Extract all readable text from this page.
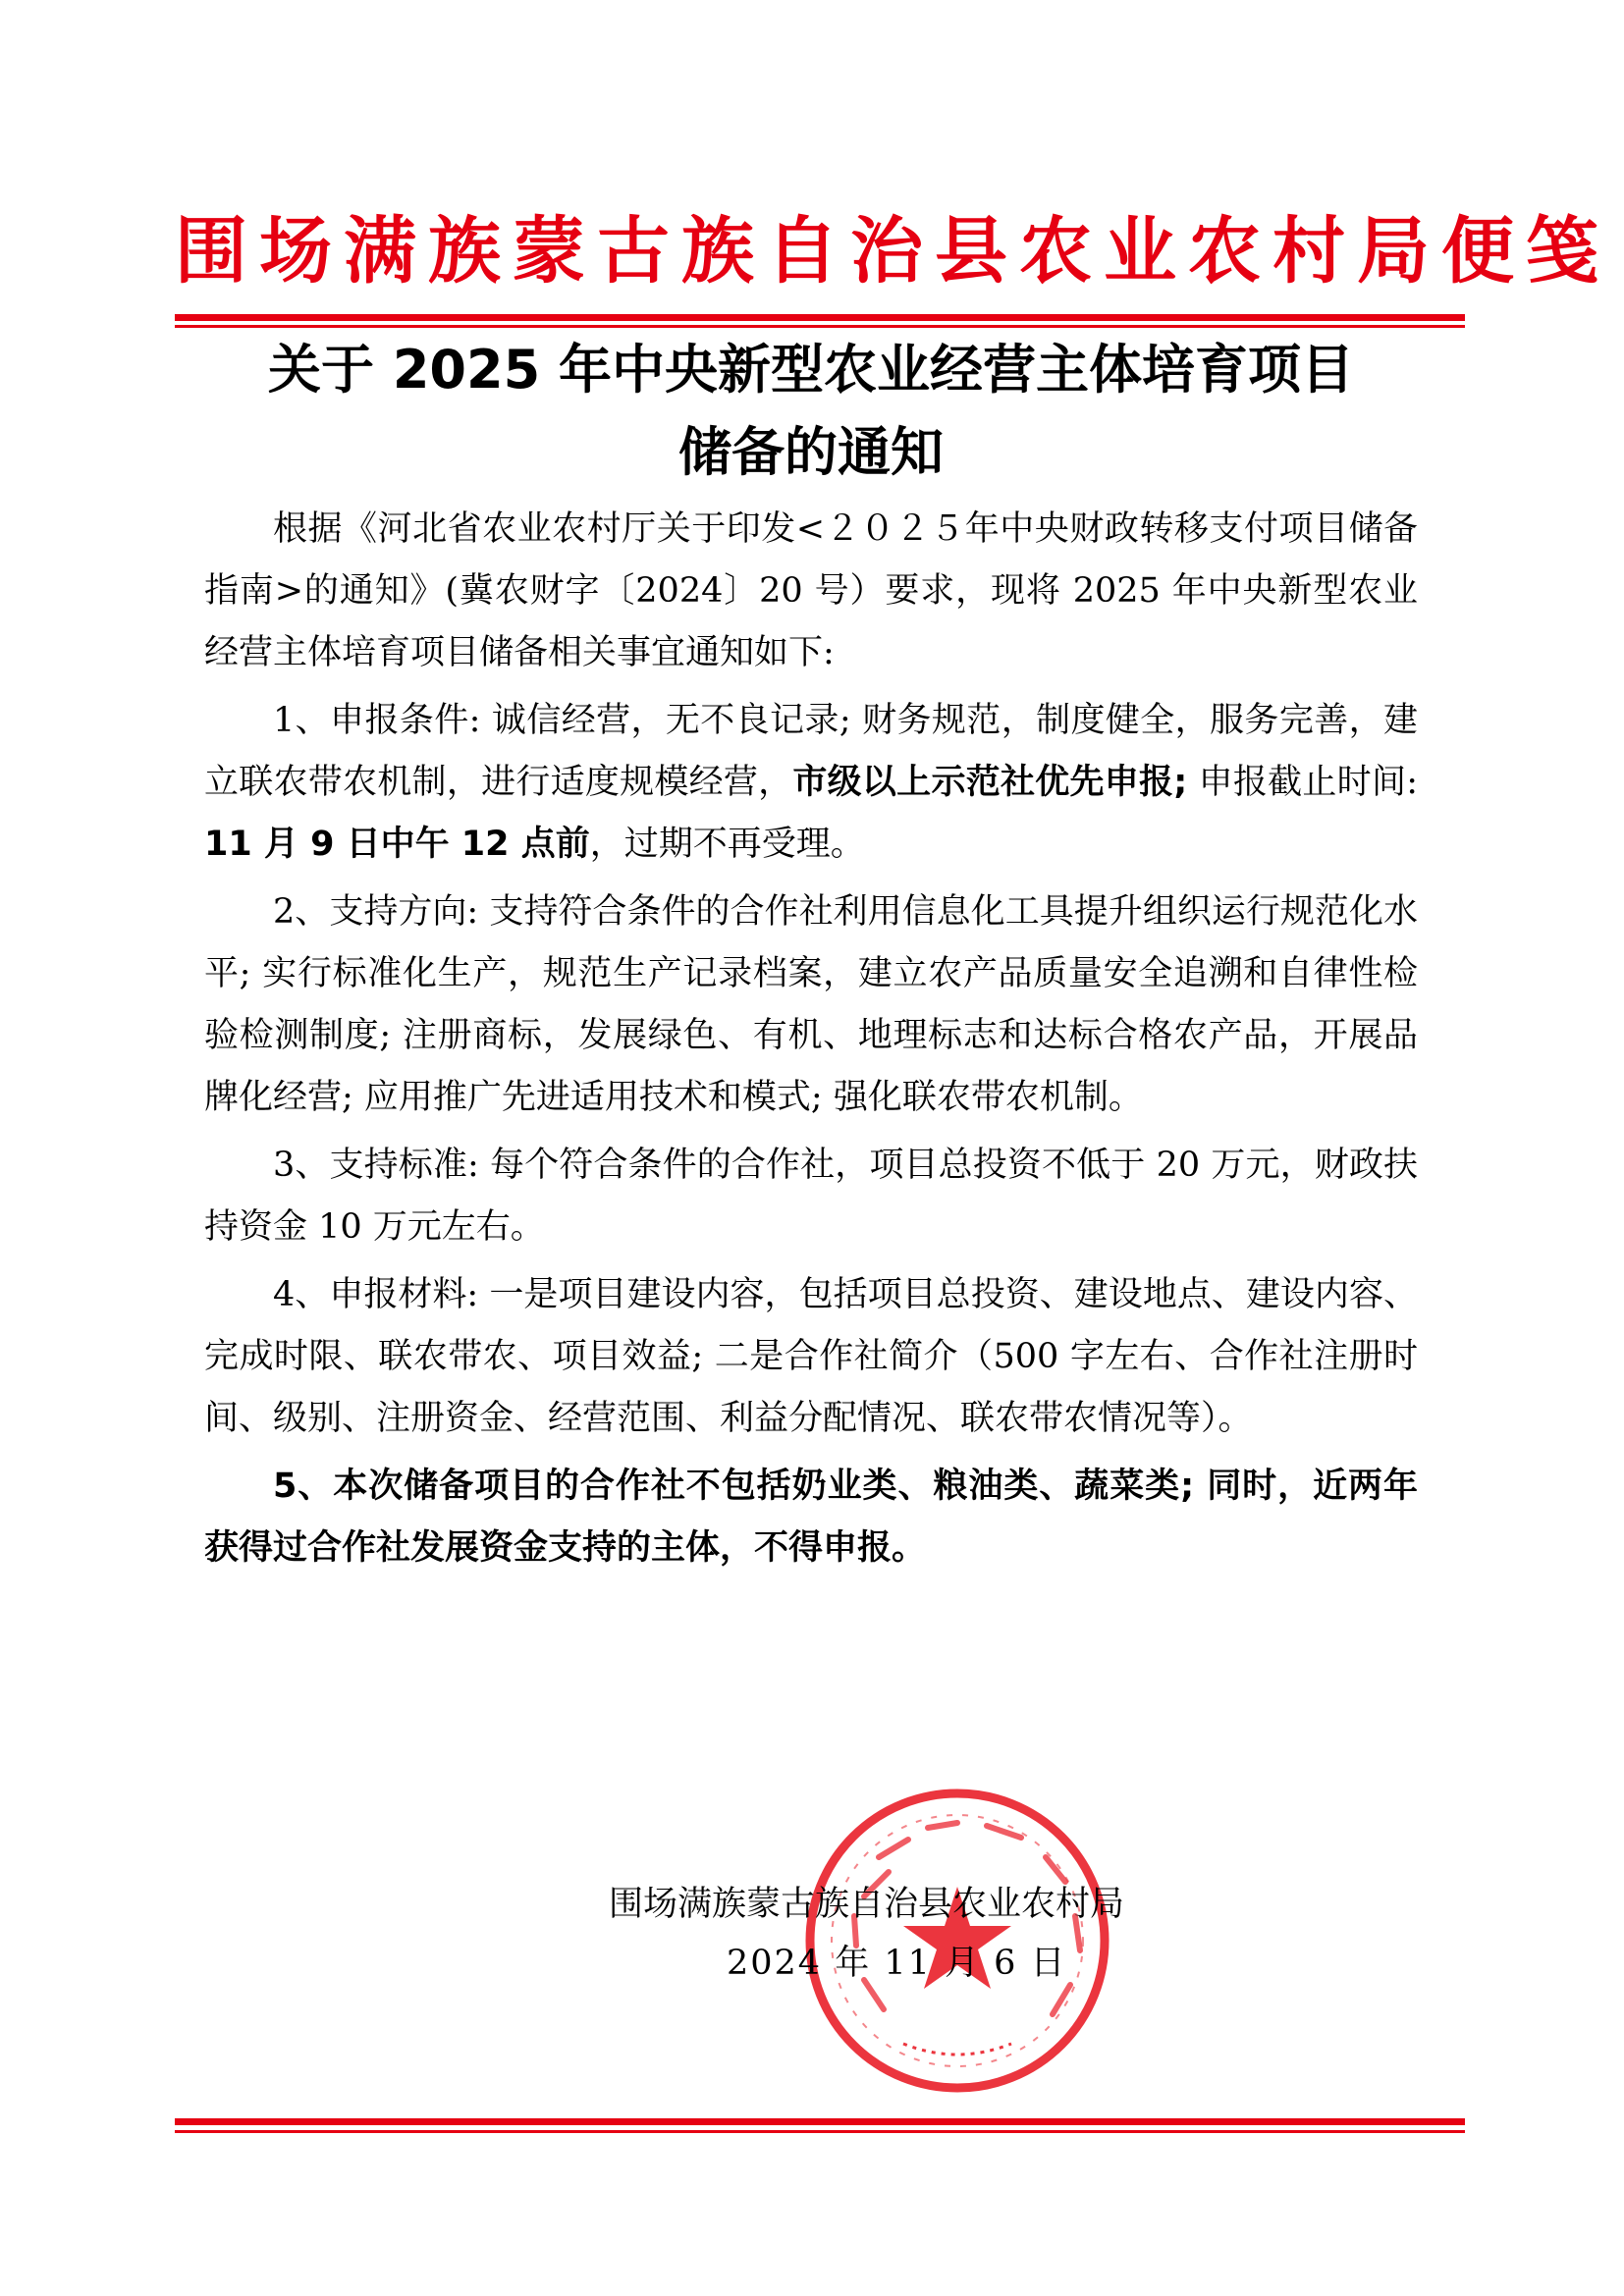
围场满族蒙古族自治县农业农村局便笺
关于 2025 年中央新型农业经营主体培育项目
储备的通知

根据《河北省农业农村厅关于印发<２０２５年中央财政转移支付项目储备指南>的通知》(冀农财字〔2024〕20 号）要求，现将 2025 年中央新型农业经营主体培育项目储备相关事宜通知如下:

1、申报条件: 诚信经营，无不良记录; 财务规范，制度健全，服务完善，建立联农带农机制，进行适度规模经营，市级以上示范社优先申报; 申报截止时间: 11 月 9 日中午 12 点前，过期不再受理。

2、支持方向: 支持符合条件的合作社利用信息化工具提升组织运行规范化水平; 实行标准化生产，规范生产记录档案，建立农产品质量安全追溯和自律性检验检测制度; 注册商标，发展绿色、有机、地理标志和达标合格农产品，开展品牌化经营; 应用推广先进适用技术和模式; 强化联农带农机制。

3、支持标准: 每个符合条件的合作社，项目总投资不低于 20 万元，财政扶持资金 10 万元左右。

4、申报材料: 一是项目建设内容，包括项目总投资、建设地点、建设内容、完成时限、联农带农、项目效益; 二是合作社简介（500 字左右、合作社注册时间、级别、注册资金、经营范围、利益分配情况、联农带农情况等）。

5、本次储备项目的合作社不包括奶业类、粮油类、蔬菜类; 同时，近两年获得过合作社发展资金支持的主体，不得申报。

围场满族蒙古族自治县农业农村局
2024 年 11 月 6 日
